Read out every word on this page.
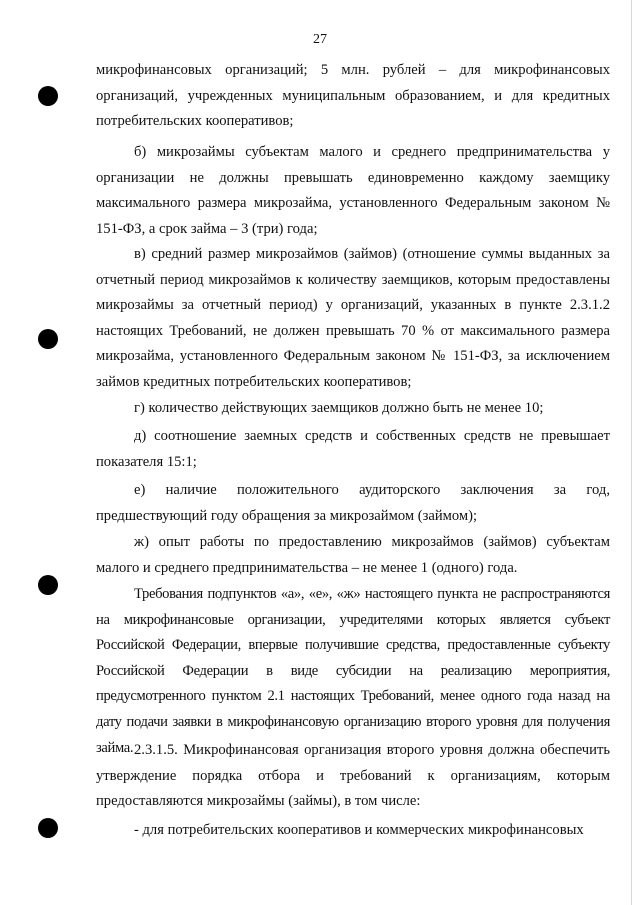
27

микрофинансовых организаций; 5 млн. рублей – для микрофинансовых организаций, учрежденных муниципальным образованием, и для кредитных потребительских кооперативов;

б) микрозаймы субъектам малого и среднего предпринимательства у организации не должны превышать единовременно каждому заемщику максимального размера микрозайма, установленного Федеральным законом № 151-ФЗ, а срок займа – 3 (три) года;

в) средний размер микрозаймов (займов) (отношение суммы выданных за отчетный период микрозаймов к количеству заемщиков, которым предоставлены микрозаймы за отчетный период) у организаций, указанных в пункте 2.3.1.2 настоящих Требований, не должен превышать 70 % от максимального размера микрозайма, установленного Федеральным законом № 151-ФЗ, за исключением займов кредитных потребительских кооперативов;

г) количество действующих заемщиков должно быть не менее 10;

д) соотношение заемных средств и собственных средств не превышает показателя 15:1;

е) наличие положительного аудиторского заключения за год, предшествующий году обращения за микрозаймом (займом);

ж) опыт работы по предоставлению микрозаймов (займов) субъектам малого и среднего предпринимательства – не менее 1 (одного) года.

Требования подпунктов «а», «е», «ж» настоящего пункта не распространяются на микрофинансовые организации, учредителями которых является субъект Российской Федерации, впервые получившие средства, предоставленные субъекту Российской Федерации в виде субсидии на реализацию мероприятия, предусмотренного пунктом 2.1 настоящих Требований, менее одного года назад на дату подачи заявки в микрофинансовую организацию второго уровня для получения займа. 2.3.1.5. Микрофинансовая организация второго уровня должна обеспечить утверждение порядка отбора и требований к организациям, которым предоставляются микрозаймы (займы), в том числе:

- для потребительских кооперативов и коммерческих микрофинансовых
